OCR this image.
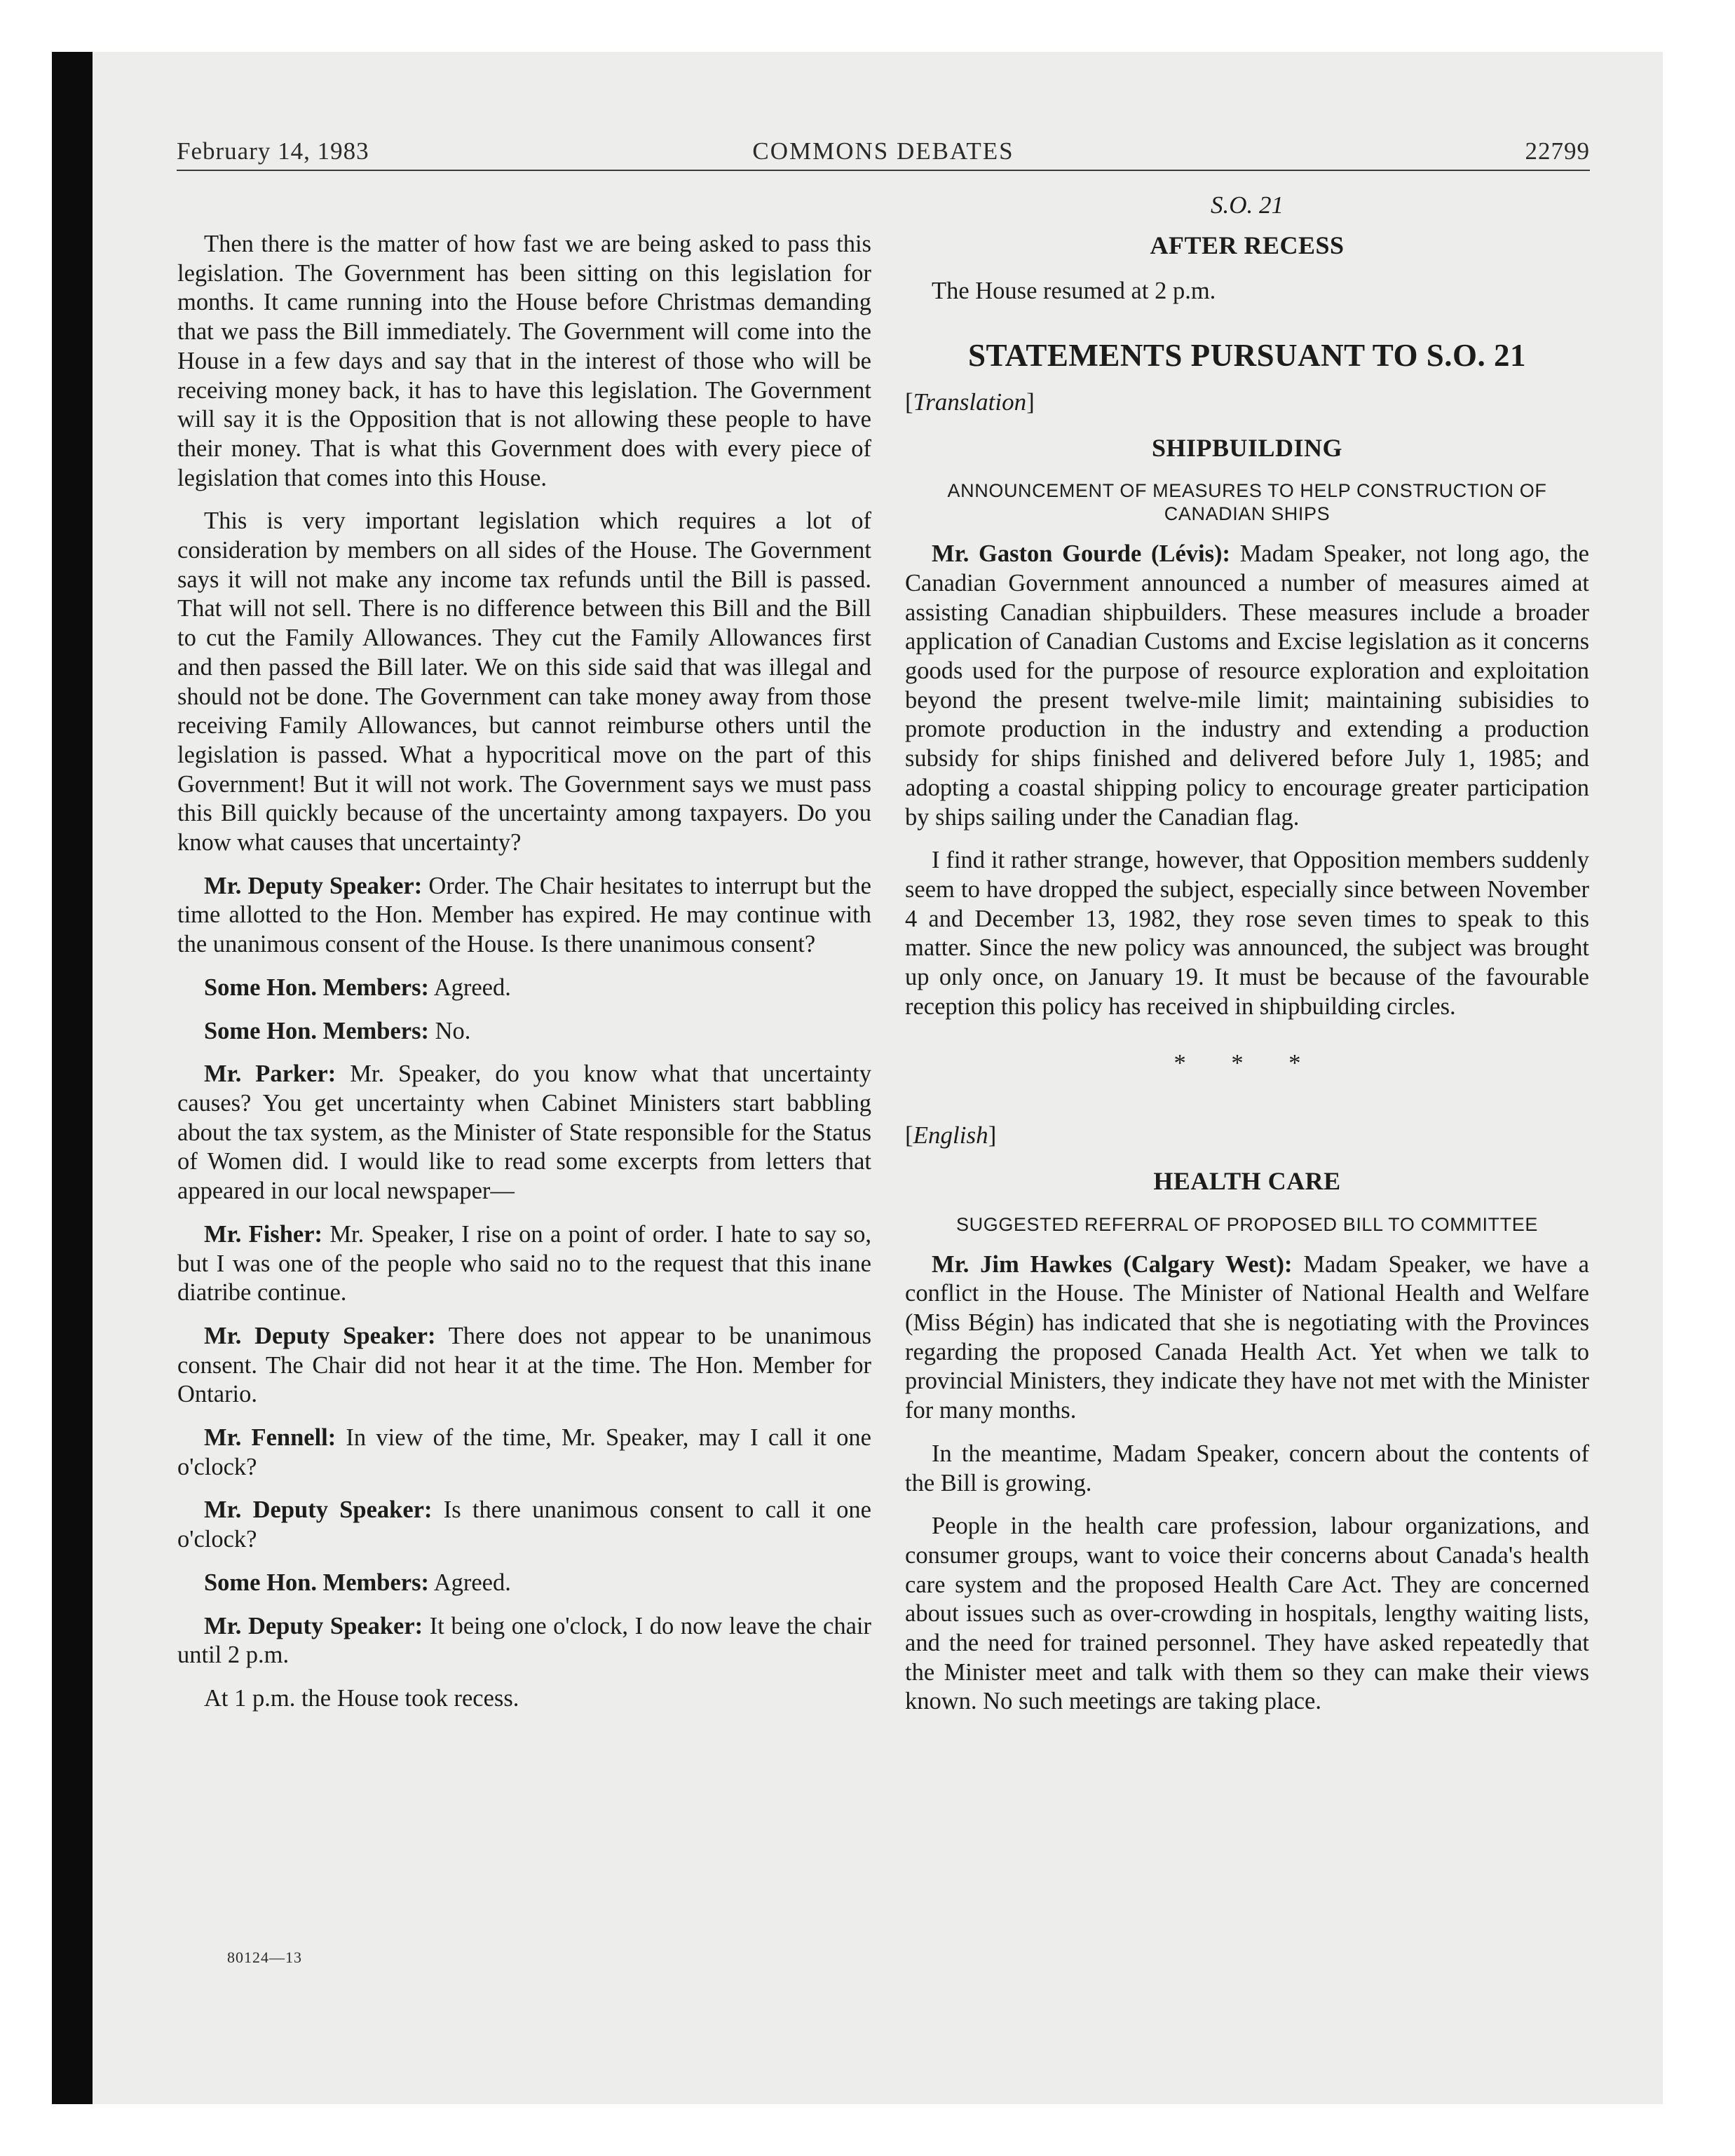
February 14, 1983	COMMONS DEBATES	22799

Then there is the matter of how fast we are being asked to pass this legislation. The Government has been sitting on this legislation for months. It came running into the House before Christmas demanding that we pass the Bill immediately. The Government will come into the House in a few days and say that in the interest of those who will be receiving money back, it has to have this legislation. The Government will say it is the Opposition that is not allowing these people to have their money. That is what this Government does with every piece of legislation that comes into this House.

This is very important legislation which requires a lot of consideration by members on all sides of the House. The Government says it will not make any income tax refunds until the Bill is passed. That will not sell. There is no difference between this Bill and the Bill to cut the Family Allowances. They cut the Family Allowances first and then passed the Bill later. We on this side said that was illegal and should not be done. The Government can take money away from those receiving Family Allowances, but cannot reimburse others until the legislation is passed. What a hypocritical move on the part of this Government! But it will not work. The Government says we must pass this Bill quickly because of the uncertainty among taxpayers. Do you know what causes that uncertainty?

Mr. Deputy Speaker: Order. The Chair hesitates to interrupt but the time allotted to the Hon. Member has expired. He may continue with the unanimous consent of the House. Is there unanimous consent?

Some Hon. Members: Agreed.

Some Hon. Members: No.

Mr. Parker: Mr. Speaker, do you know what that uncertainty causes? You get uncertainty when Cabinet Ministers start babbling about the tax system, as the Minister of State responsible for the Status of Women did. I would like to read some excerpts from letters that appeared in our local newspaper—

Mr. Fisher: Mr. Speaker, I rise on a point of order. I hate to say so, but I was one of the people who said no to the request that this inane diatribe continue.

Mr. Deputy Speaker: There does not appear to be unanimous consent. The Chair did not hear it at the time. The Hon. Member for Ontario.

Mr. Fennell: In view of the time, Mr. Speaker, may I call it one o'clock?

Mr. Deputy Speaker: Is there unanimous consent to call it one o'clock?

Some Hon. Members: Agreed.

Mr. Deputy Speaker: It being one o'clock, I do now leave the chair until 2 p.m.

At 1 p.m. the House took recess.

80124—13

S.O. 21

AFTER RECESS

The House resumed at 2 p.m.

STATEMENTS PURSUANT TO S.O. 21

[Translation]

SHIPBUILDING

ANNOUNCEMENT OF MEASURES TO HELP CONSTRUCTION OF CANADIAN SHIPS

Mr. Gaston Gourde (Lévis): Madam Speaker, not long ago, the Canadian Government announced a number of measures aimed at assisting Canadian shipbuilders. These measures include a broader application of Canadian Customs and Excise legislation as it concerns goods used for the purpose of resource exploration and exploitation beyond the present twelve-mile limit; maintaining subisidies to promote production in the industry and extending a production subsidy for ships finished and delivered before July 1, 1985; and adopting a coastal shipping policy to encourage greater participation by ships sailing under the Canadian flag.

I find it rather strange, however, that Opposition members suddenly seem to have dropped the subject, especially since between November 4 and December 13, 1982, they rose seven times to speak to this matter. Since the new policy was announced, the subject was brought up only once, on January 19. It must be because of the favourable reception this policy has received in shipbuilding circles.

* * *

[English]

HEALTH CARE

SUGGESTED REFERRAL OF PROPOSED BILL TO COMMITTEE

Mr. Jim Hawkes (Calgary West): Madam Speaker, we have a conflict in the House. The Minister of National Health and Welfare (Miss Bégin) has indicated that she is negotiating with the Provinces regarding the proposed Canada Health Act. Yet when we talk to provincial Ministers, they indicate they have not met with the Minister for many months.

In the meantime, Madam Speaker, concern about the contents of the Bill is growing.

People in the health care profession, labour organizations, and consumer groups, want to voice their concerns about Canada's health care system and the proposed Health Care Act. They are concerned about issues such as over-crowding in hospitals, lengthy waiting lists, and the need for trained personnel. They have asked repeatedly that the Minister meet and talk with them so they can make their views known. No such meetings are taking place.
